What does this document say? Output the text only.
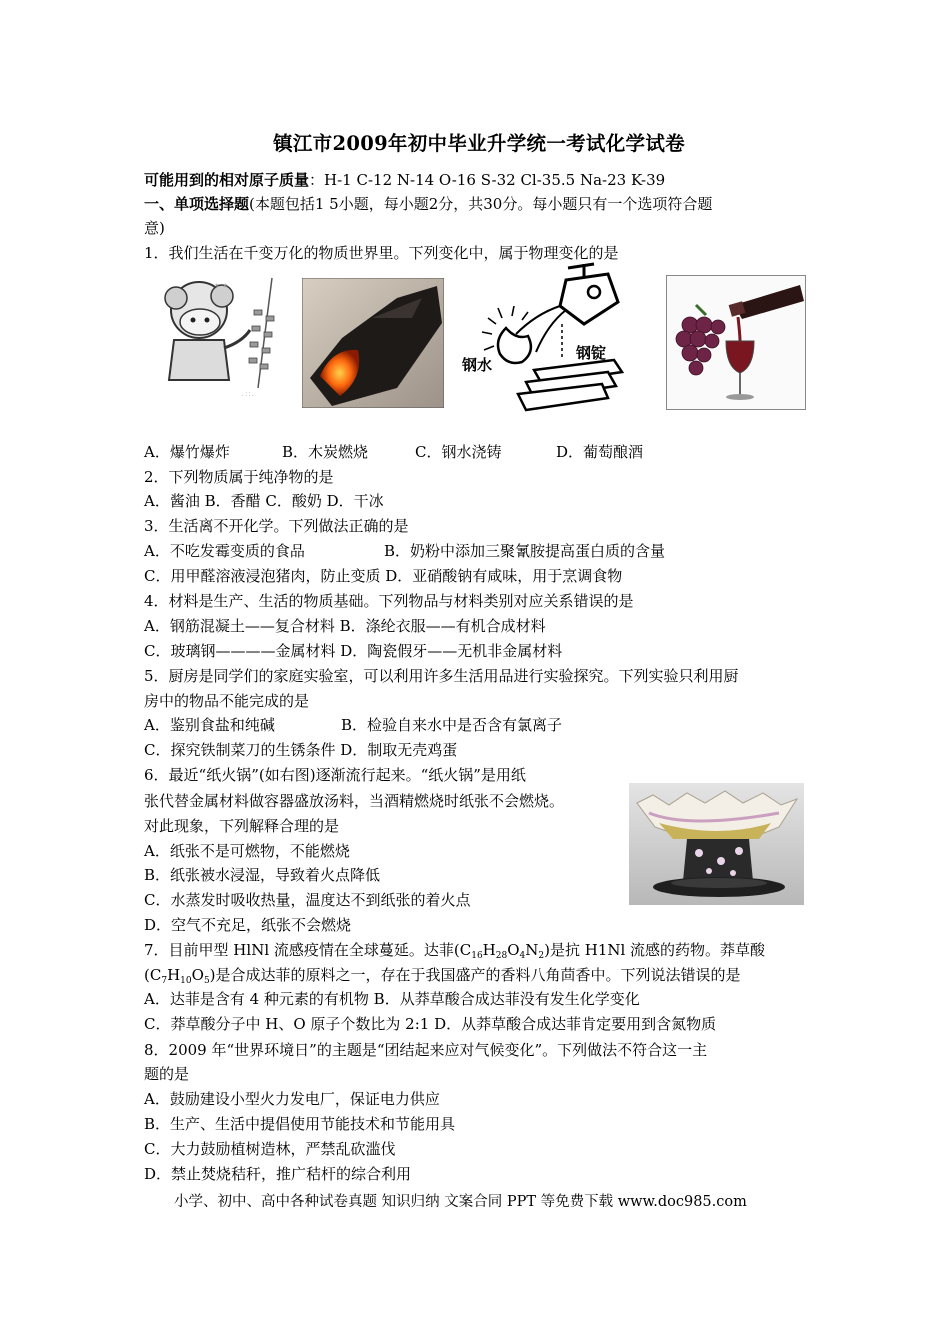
镇江市2009年初中毕业升学统一考试化学试卷
可能用到的相对原子质量：H-1 C-12 N-14 O-16 S-32 Cl-35.5 Na-23 K-39
一、单项选择题(本题包括1 5小题，每小题2分，共30分。每小题只有一个选项符合题
意)
1．我们生活在千变万化的物质世界里。下列变化中，属于物理变化的是
✶ ✶
. : : .
钢水
钢锭
A．爆竹爆炸	B．木炭燃烧	C．钢水浇铸	D．葡萄酿酒
2．下列物质属于纯净物的是
A．酱油 B．香醋 C．酸奶 D．干冰
3．生活离不开化学。下列做法正确的是
A．不吃发霉变质的食品	B．奶粉中添加三聚氰胺提高蛋白质的含量
C．用甲醛溶液浸泡猪肉，防止变质 D．亚硝酸钠有咸味，用于烹调食物
4．材料是生产、生活的物质基础。下列物品与材料类别对应关系错误的是
A．钢筋混凝土——复合材料 B．涤纶衣服——有机合成材料
C．玻璃钢————金属材料 D．陶瓷假牙——无机非金属材料
5．厨房是同学们的家庭实验室，可以利用许多生活用品进行实验探究。下列实验只利用厨
房中的物品不能完成的是
A．鉴别食盐和纯碱	B．检验自来水中是否含有氯离子
C．探究铁制菜刀的生锈条件 D．制取无壳鸡蛋
6．最近“纸火锅”(如右图)逐渐流行起来。“纸火锅”是用纸
张代替金属材料做容器盛放汤料，当酒精燃烧时纸张不会燃烧。
对此现象，下列解释合理的是
A．纸张不是可燃物，不能燃烧
B．纸张被水浸湿，导致着火点降低
C．水蒸发时吸收热量，温度达不到纸张的着火点
D．空气不充足，纸张不会燃烧
7．目前甲型 HlNl 流感疫情在全球蔓延。达菲$(C_{16}H_{28}O_4N_2)$是抗 H1Nl 流感的药物。莽草酸
$(C_7H_{10}O_5)$是合成达菲的原料之一，存在于我国盛产的香料八角茴香中。下列说法错误的是
A．达菲是含有 4 种元素的有机物 B．从莽草酸合成达菲没有发生化学变化
C．莽草酸分子中 H、O 原子个数比为 2:1 D．从莽草酸合成达菲肯定要用到含氮物质
8．2009 年“世界环境日”的主题是“团结起来应对气候变化”。下列做法不符合这一主
题的是
A．鼓励建设小型火力发电厂，保证电力供应
B．生产、生活中提倡使用节能技术和节能用具
C．大力鼓励植树造林，严禁乱砍滥伐
D．禁止焚烧秸秆，推广秸杆的综合利用
小学、初中、高中各种试卷真题 知识归纳 文案合同 PPT 等免费下载 www.doc985.com
